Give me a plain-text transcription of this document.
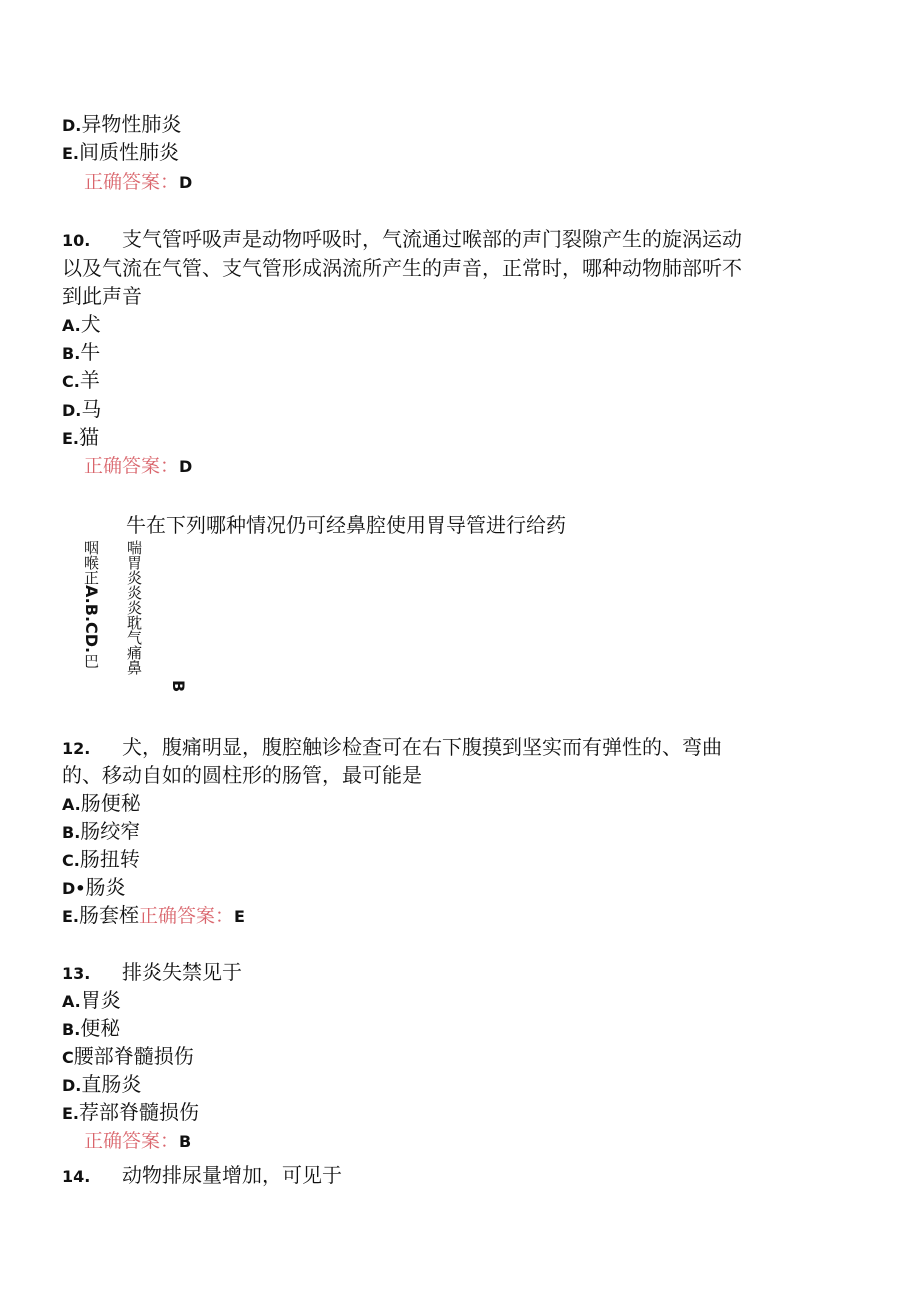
D.异物性肺炎
E.间质性肺炎
正确答案：D
10. 支气管呼吸声是动物呼吸时，气流通过喉部的声门裂隙产生的旋涡运动
以及气流在气管、支气管形成涡流所产生的声音，正常时，哪种动物肺部听不
到此声音
A.犬
B.牛
C.羊
D.马
E.猫
正确答案：D
牛在下列哪种情况仍可经鼻腔使用胃导管进行给药
咽喉正A.B.CD.巴 喘胃炎炎炎耽气痛鼻
B
12. 犬，腹痛明显，腹腔触诊检查可在右下腹摸到坚实而有弹性的、弯曲
的、移动自如的圆柱形的肠管，最可能是
A.肠便秘
B.肠绞窄
C.肠扭转
D•肠炎
E.肠套桎正确答案：E
13. 排炎失禁见于
A.胃炎
B.便秘
C腰部脊髓损伤
D.直肠炎
E.荐部脊髓损伤
正确答案：B
14. 动物排尿量增加，可见于
